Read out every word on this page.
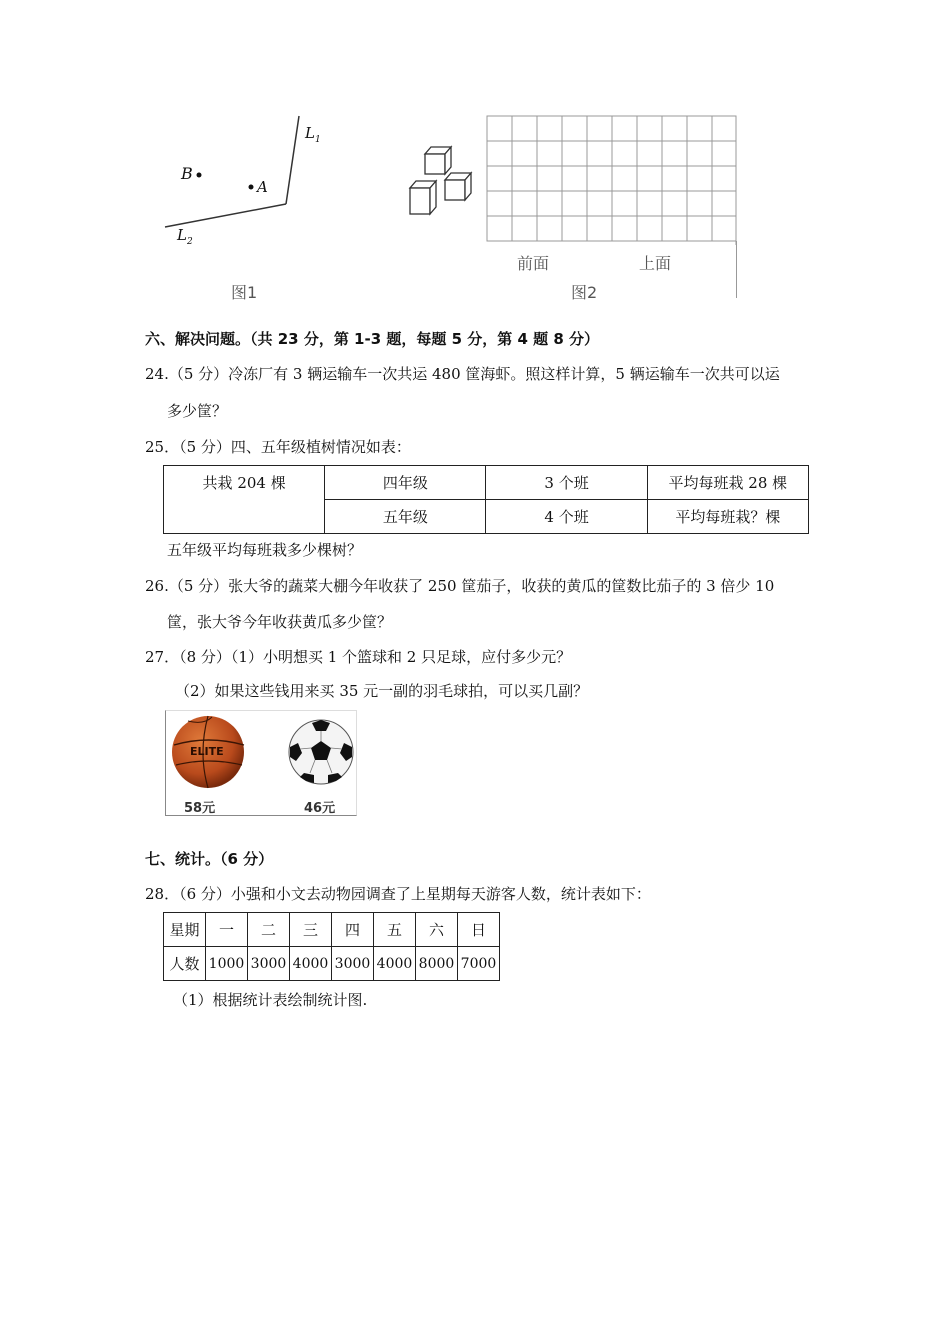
$L_1$
$L_2$
B
A
图1
前面	上面
图2
六、解决问题。（共 23 分，第 1-3 题，每题 5 分，第 4 题 8 分）
24.（5 分）冷冻厂有 3 辆运输车一次共运 480 筐海虾。照这样计算，5 辆运输车一次共可以运
多少筐？
25．（5 分）四、五年级植树情况如表：
共栽 204 棵	四年级	3 个班	平均每班栽 28 棵
	五年级	4 个班	平均每班栽？棵
五年级平均每班栽多少棵树？
26.（5 分）张大爷的蔬菜大棚今年收获了 250 筐茄子，收获的黄瓜的筐数比茄子的 3 倍少 10
筐，张大爷今年收获黄瓜多少筐？
27．（8 分）（1）小明想买 1 个篮球和 2 只足球，应付多少元？
（2）如果这些钱用来买 35 元一副的羽毛球拍，可以买几副？
ELITE
58元	46元
七、统计。（6 分）
28．（6 分）小强和小文去动物园调查了上星期每天游客人数，统计表如下：
星期	一	二	三	四	五	六	日
人数	1000	3000	4000	3000	4000	8000	7000
（1）根据统计表绘制统计图.
